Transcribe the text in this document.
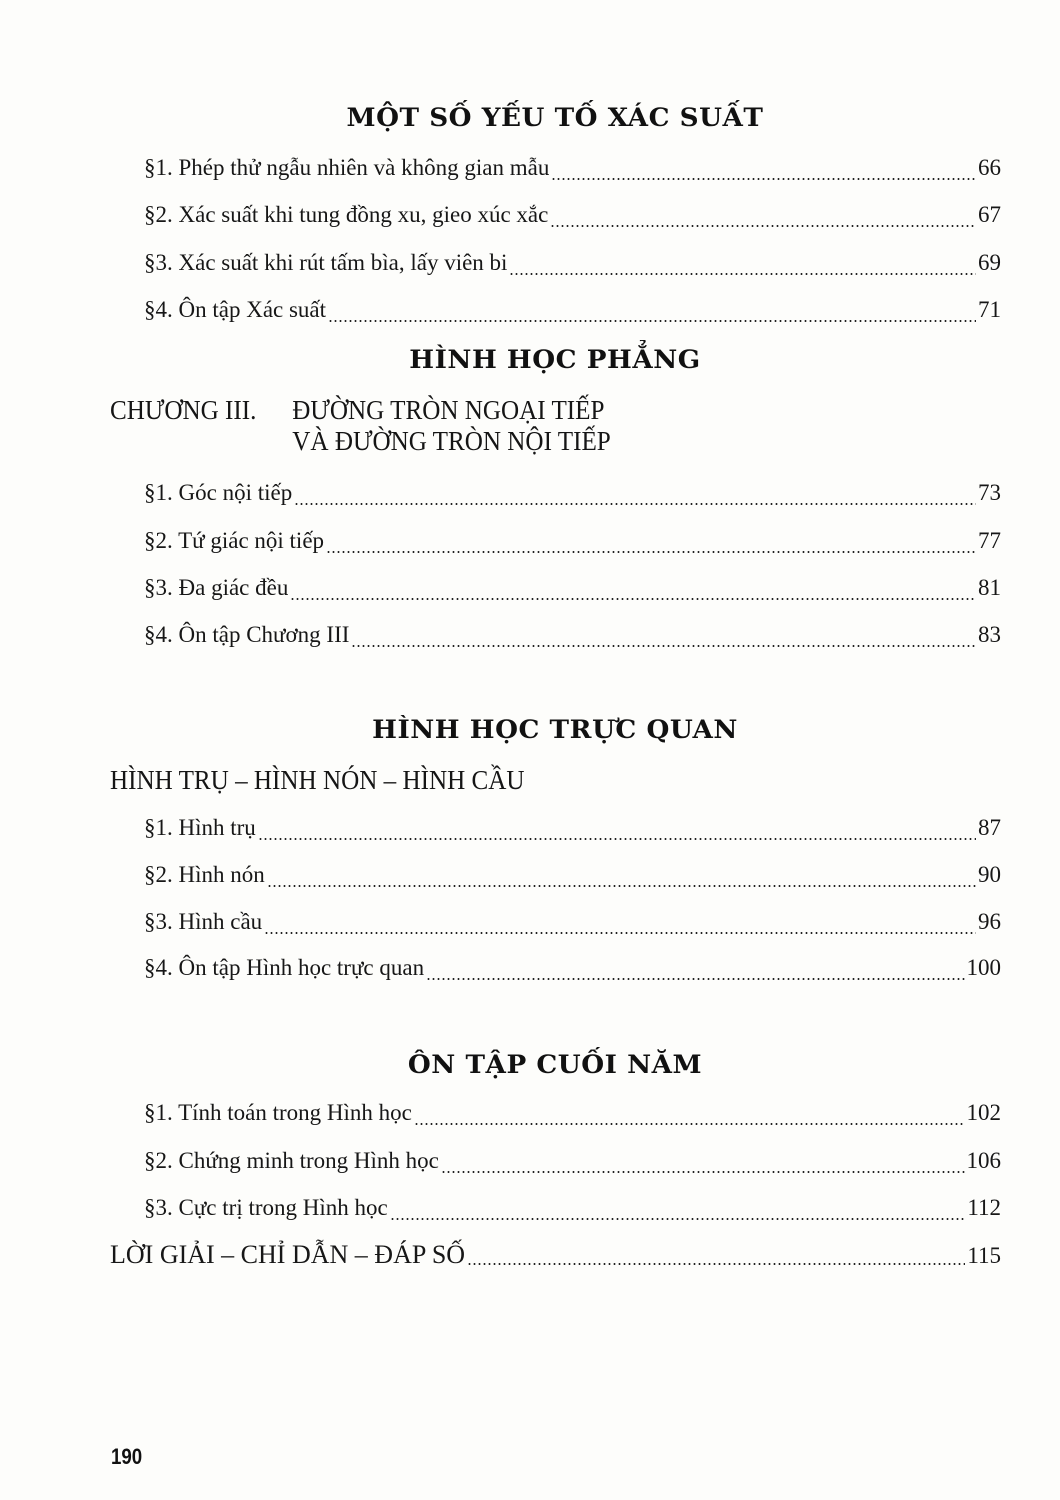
MỘT SỐ YẾU TỐ XÁC SUẤT
§1. Phép thử ngẫu nhiên và không gian mẫu	66
§2. Xác suất khi tung đồng xu, gieo xúc xắc	67
§3. Xác suất khi rút tấm bìa, lấy viên bi	69
§4. Ôn tập Xác suất	71
HÌNH HỌC PHẲNG
CHƯƠNG III. ĐƯỜNG TRÒN NGOẠI TIẾP
VÀ ĐƯỜNG TRÒN NỘI TIẾP
§1. Góc nội tiếp	73
§2. Tứ giác nội tiếp	77
§3. Đa giác đều	81
§4. Ôn tập Chương III	83
HÌNH HỌC TRỰC QUAN
HÌNH TRỤ – HÌNH NÓN – HÌNH CẦU
§1. Hình trụ	87
§2. Hình nón	90
§3. Hình cầu	96
§4. Ôn tập Hình học trực quan	100
ÔN TẬP CUỐI NĂM
§1. Tính toán trong Hình học	102
§2. Chứng minh trong Hình học	106
§3. Cực trị trong Hình học	112
LỜI GIẢI – CHỈ DẪN – ĐÁP SỐ	115
190
